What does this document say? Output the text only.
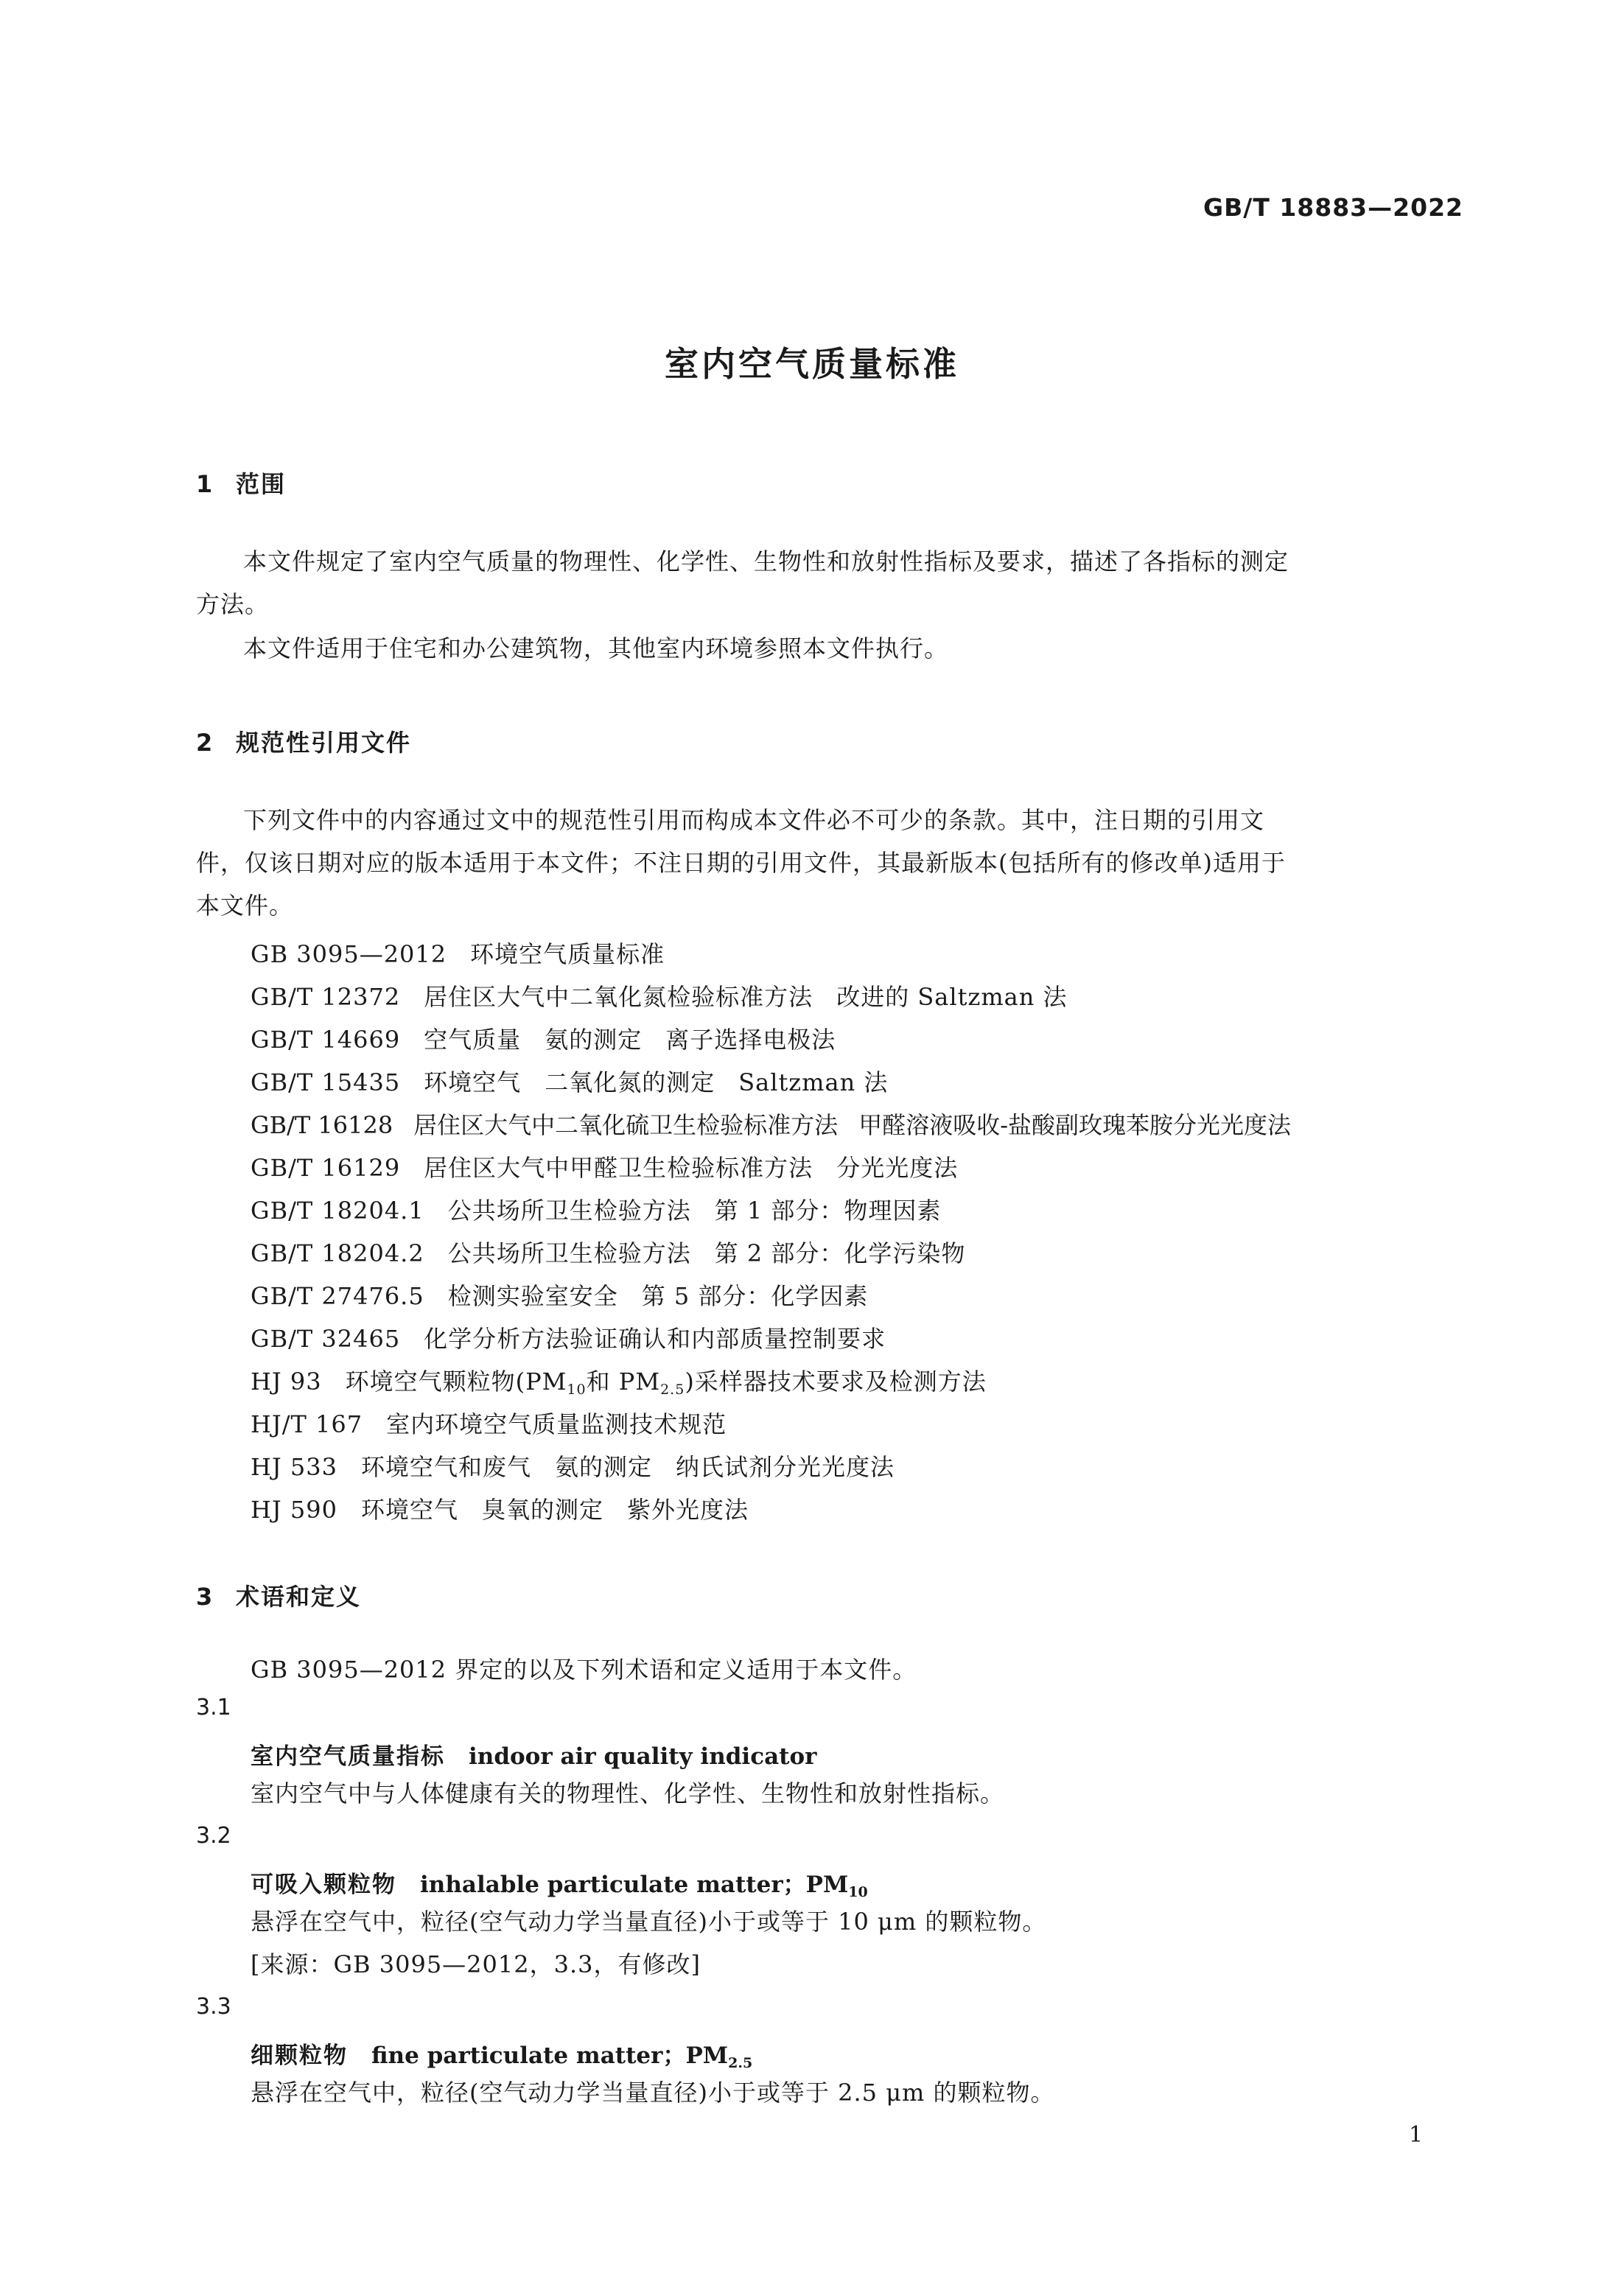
GB/T 18883—2022
室内空气质量标准
1 范围
本文件规定了室内空气质量的物理性、化学性、生物性和放射性指标及要求，描述了各指标的测定
方法。
本文件适用于住宅和办公建筑物，其他室内环境参照本文件执行。
2 规范性引用文件
下列文件中的内容通过文中的规范性引用而构成本文件必不可少的条款。其中，注日期的引用文
件，仅该日期对应的版本适用于本文件；不注日期的引用文件，其最新版本(包括所有的修改单)适用于
本文件。
GB 3095—2012 环境空气质量标准
GB/T 12372 居住区大气中二氧化氮检验标准方法 改进的 Saltzman 法
GB/T 14669 空气质量 氨的测定 离子选择电极法
GB/T 15435 环境空气 二氧化氮的测定 Saltzman 法
GB/T 16128 居住区大气中二氧化硫卫生检验标准方法 甲醛溶液吸收-盐酸副玫瑰苯胺分光光度法
GB/T 16129 居住区大气中甲醛卫生检验标准方法 分光光度法
GB/T 18204.1 公共场所卫生检验方法 第 1 部分：物理因素
GB/T 18204.2 公共场所卫生检验方法 第 2 部分：化学污染物
GB/T 27476.5 检测实验室安全 第 5 部分：化学因素
GB/T 32465 化学分析方法验证确认和内部质量控制要求
HJ 93 环境空气颗粒物($PM_{10}$和 $PM_{2.5}$)采样器技术要求及检测方法
HJ/T 167 室内环境空气质量监测技术规范
HJ 533 环境空气和废气 氨的测定 纳氏试剂分光光度法
HJ 590 环境空气 臭氧的测定 紫外光度法
3 术语和定义
GB 3095—2012 界定的以及下列术语和定义适用于本文件。
3.1
室内空气质量指标 indoor air quality indicator
室内空气中与人体健康有关的物理性、化学性、生物性和放射性指标。
3.2
可吸入颗粒物 inhalable particulate matter；$PM_{10}$
悬浮在空气中，粒径(空气动力学当量直径)小于或等于 10 μm 的颗粒物。
[来源：GB 3095—2012，3.3，有修改]
3.3
细颗粒物 fine particulate matter；$PM_{2.5}$
悬浮在空气中，粒径(空气动力学当量直径)小于或等于 2.5 μm 的颗粒物。
1
